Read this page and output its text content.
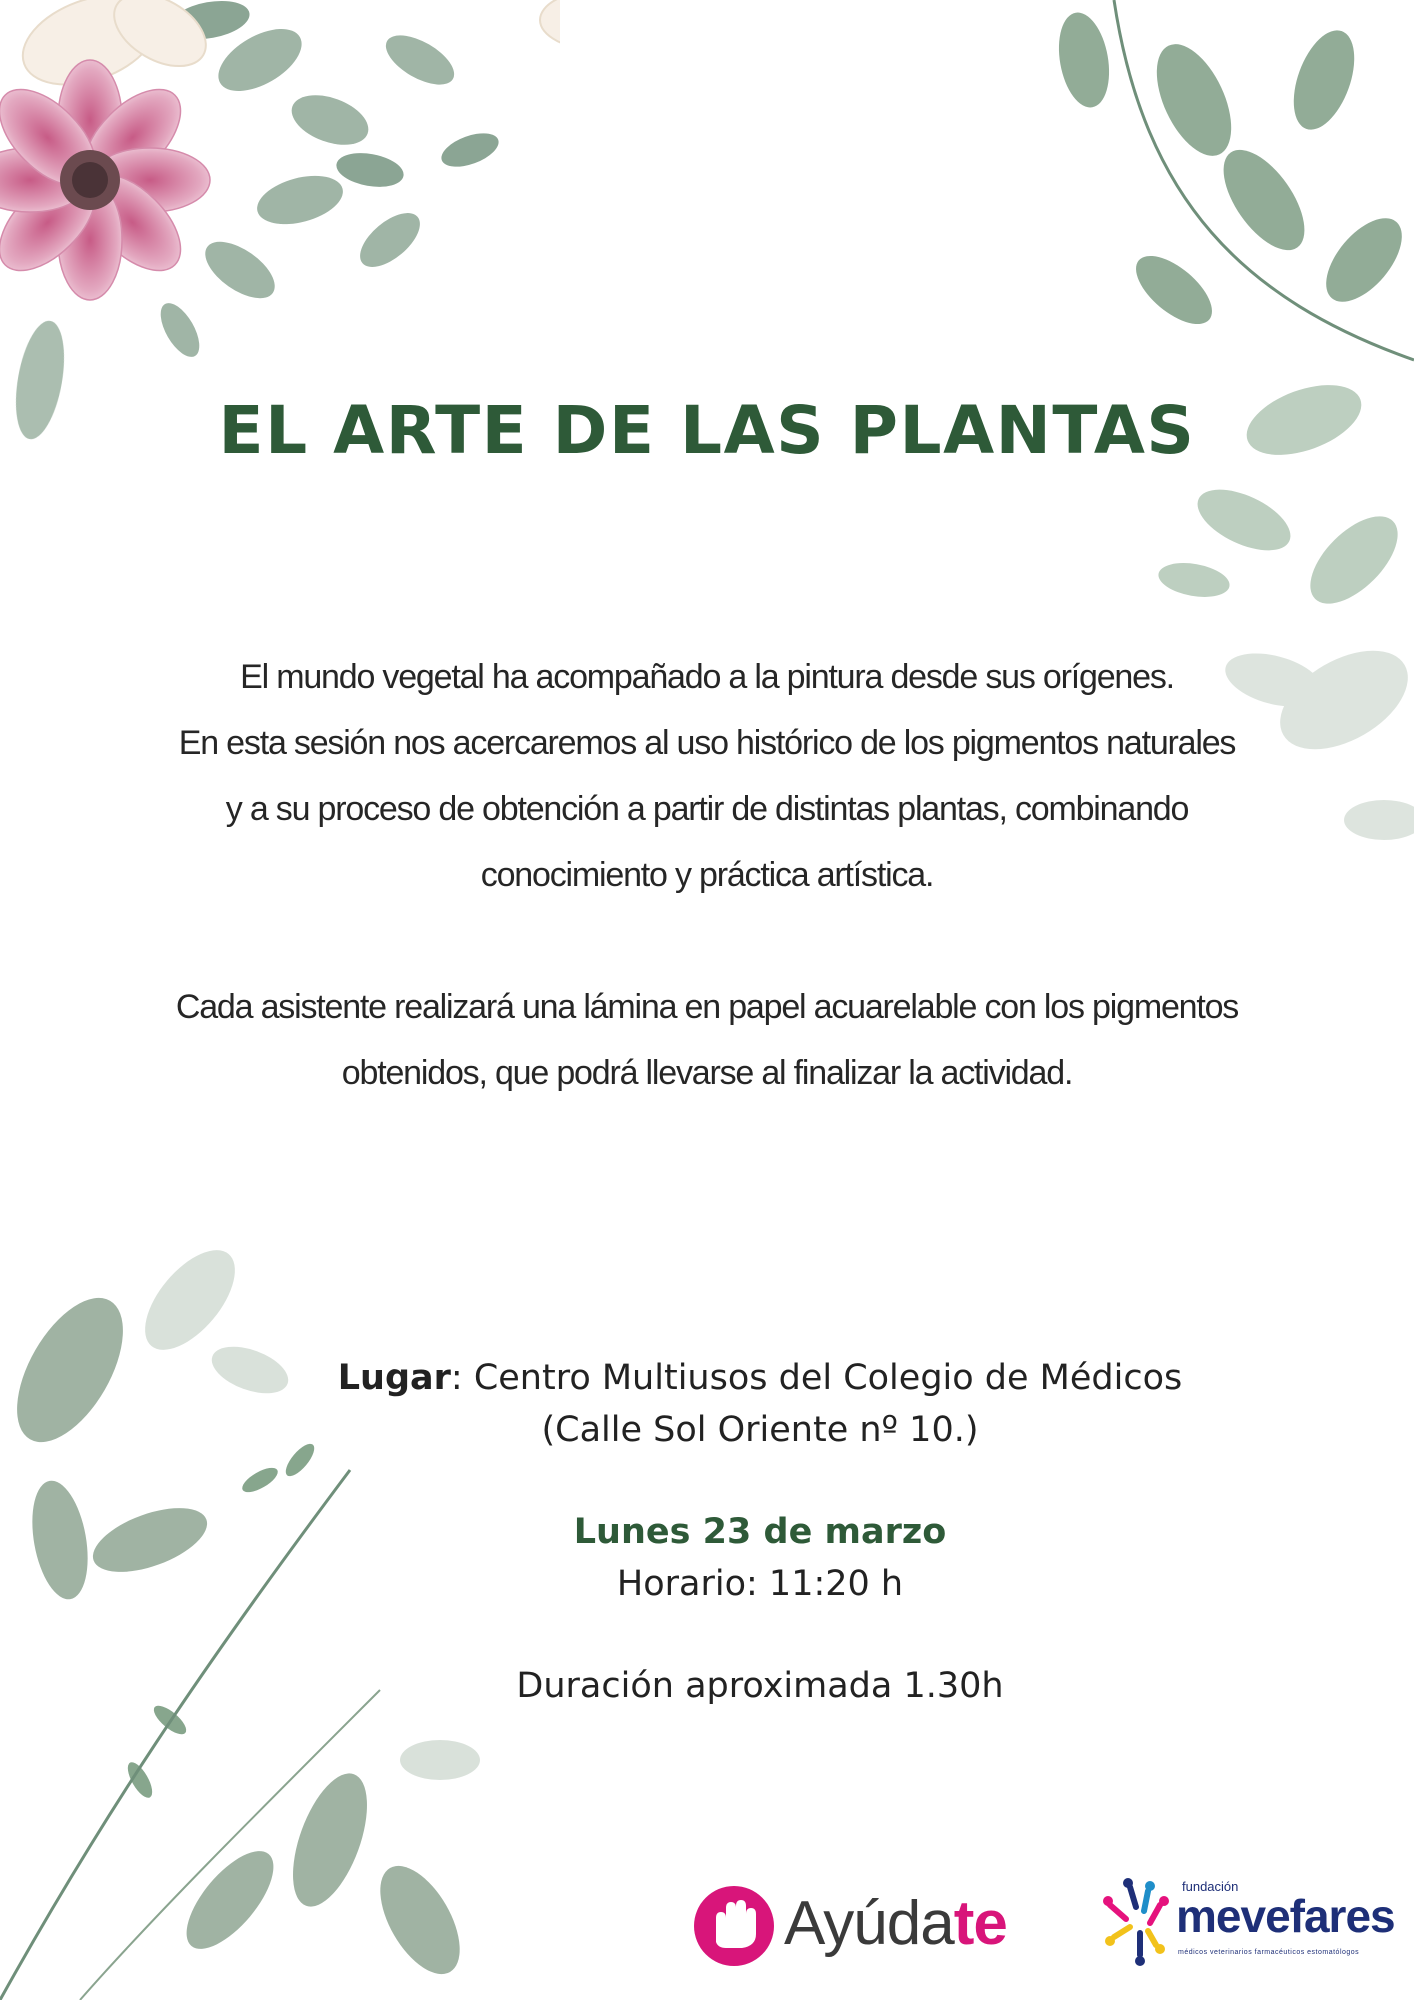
EL ARTE DE LAS PLANTAS
El mundo vegetal ha acompañado a la pintura desde sus orígenes.
En esta sesión nos acercaremos al uso histórico de los pigmentos naturales
y a su proceso de obtención a partir de distintas plantas, combinando
conocimiento y práctica artística.
Cada asistente realizará una lámina en papel acuarelable con los pigmentos
obtenidos, que podrá llevarse al finalizar la actividad.
Lugar: Centro Multiusos del Colegio de Médicos
(Calle Sol Oriente nº 10.)
Lunes 23 de marzo
Horario: 11:20 h
Duración aproximada 1.30h
Ayúdate
fundación
mevefares
médicos veterinarios farmacéuticos estomatólogos
